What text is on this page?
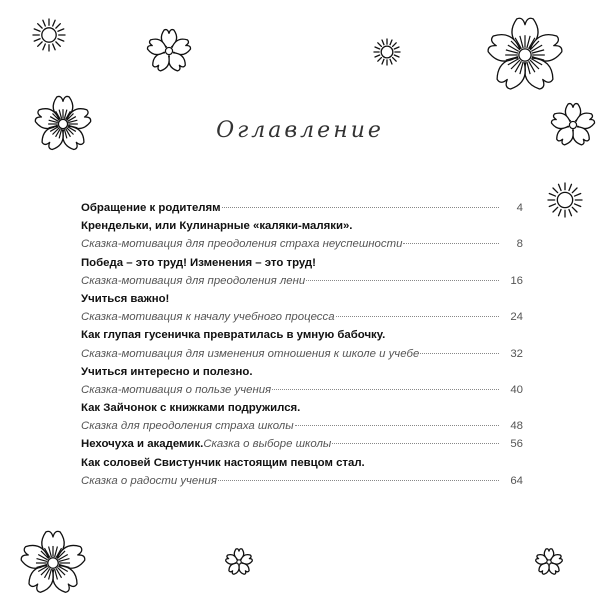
Оглавление
Обращение к родителям	4
Крендельки, или Кулинарные «каляки-маляки».
Сказка-мотивация для преодоления страха неуспешности	8
Победа – это труд! Изменения – это труд!
Сказка-мотивация для преодоления лени	16
Учиться важно!
Сказка-мотивация к началу учебного процесса	24
Как глупая гусеничка превратилась в умную бабочку.
Сказка-мотивация для изменения отношения к школе и учебе	32
Учиться интересно и полезно.
Сказка-мотивация о пользе учения	40
Как Зайчонок с книжками подружился.
Сказка для преодоления страха школы	48
Нехочуха и академик. Сказка о выборе школы	56
Как соловей Свистунчик настоящим певцом стал.
Сказка о радости учения	64
